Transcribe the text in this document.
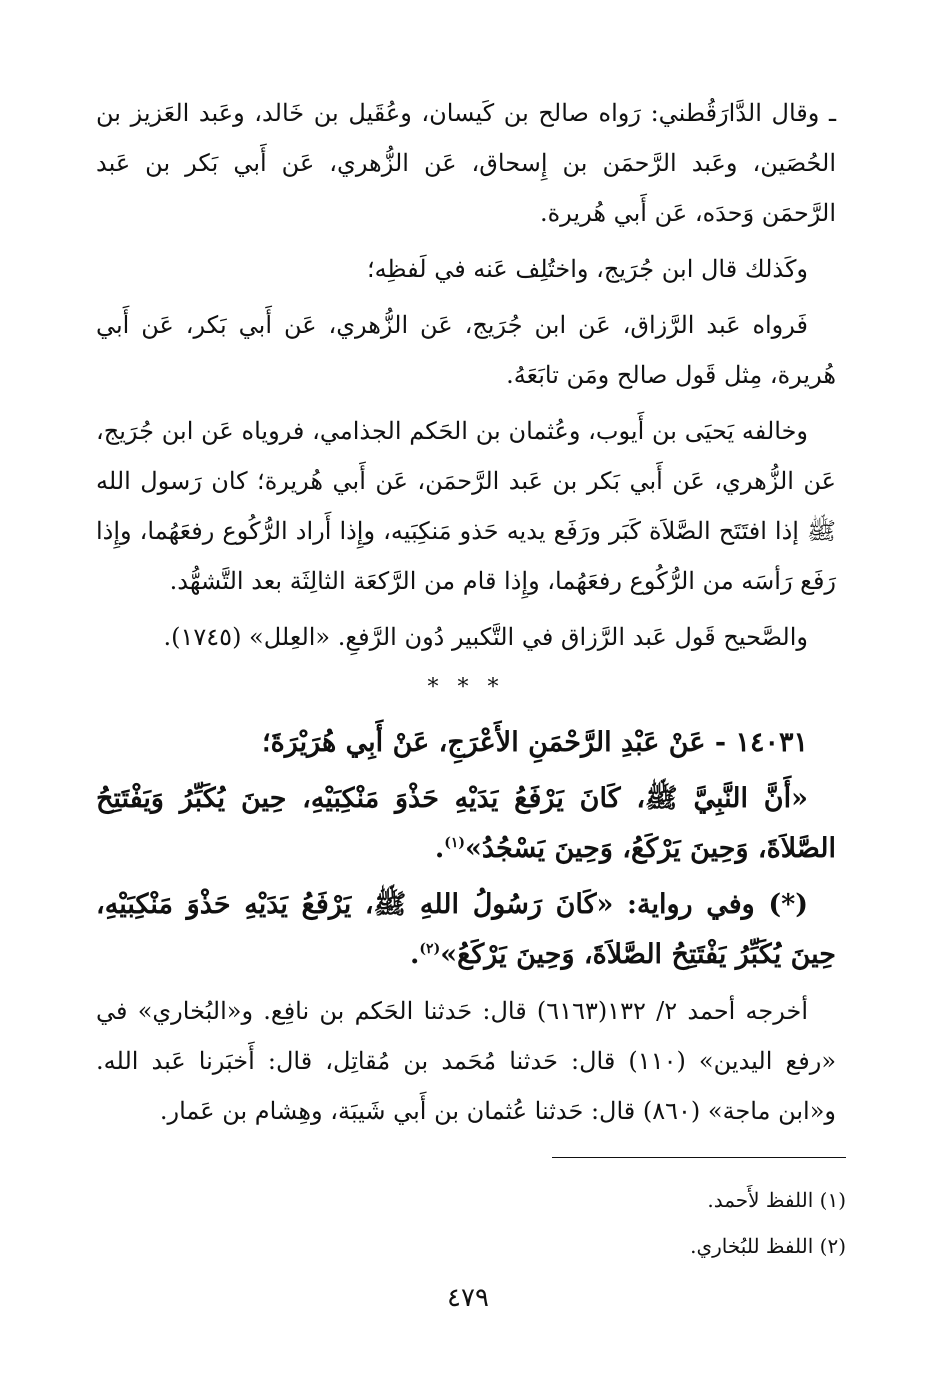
ـ وقال الدَّارَقُطني: رَواه صالح بن كَيسان، وعُقَيل بن خَالد، وعَبد العَزيز بن الحُصَين، وعَبد الرَّحمَن بن إِسحاق، عَن الزُّهري، عَن أَبي بَكر بن عَبد الرَّحمَن وَحدَه، عَن أَبي هُريرة.

وكَذلك قال ابن جُرَيج، واختُلِف عَنه في لَفظِه؛

فَرواه عَبد الرَّزاق، عَن ابن جُرَيج، عَن الزُّهري، عَن أَبي بَكر، عَن أَبي هُريرة، مِثل قَول صالح ومَن تابَعَهُ.

وخالفه يَحيَى بن أَيوب، وعُثمان بن الحَكم الجذامي، فروياه عَن ابن جُرَيج، عَن الزُّهري، عَن أَبي بَكر بن عَبد الرَّحمَن، عَن أَبي هُريرة؛ كان رَسول الله ﷺ إذا افتَتَح الصَّلاَة كَبَر ورَفَع يديه حَذو مَنكِبَيه، وإِذا أَراد الرُّكُوع رفعَهُما، وإِذا رَفَع رَأسَه من الرُّكُوع رفعَهُما، وإِذا قام من الرَّكعَة الثالِثَة بعد التَّشهُّد.

والصَّحيح قَول عَبد الرَّزاق في التَّكبير دُون الرَّفعِ. «العِلل» (١٧٤٥).

* * *

١٤٠٣١ - عَنْ عَبْدِ الرَّحْمَنِ الأَعْرَجِ، عَنْ أَبِي هُرَيْرَةَ؛

«أَنَّ النَّبِيَّ ﷺ، كَانَ يَرْفَعُ يَدَيْهِ حَذْوَ مَنْكِبَيْهِ، حِينَ يُكَبِّرُ وَيَفْتَتِحُ الصَّلاَةَ، وَحِينَ يَرْكَعُ، وَحِينَ يَسْجُدُ»$^{(١)}$.

(*) وفي رواية: «كَانَ رَسُولُ اللهِ ﷺ، يَرْفَعُ يَدَيْهِ حَذْوَ مَنْكِبَيْهِ، حِينَ يُكَبِّرُ يَفْتَتِحُ الصَّلاَةَ، وَحِينَ يَرْكَعُ»$^{(٢)}$.

أخرجه أحمد ٢/ ١٣٢(٦١٦٣) قال: حَدثنا الحَكم بن نافِع. و«البُخاري» في «رفع اليدين» (١١٠) قال: حَدثنا مُحَمد بن مُقاتِل، قال: أَخبَرنا عَبد الله. و«ابن ماجة» (٨٦٠) قال: حَدثنا عُثمان بن أَبي شَيبَة، وهِشام بن عَمار.

(١) اللفظ لأَحمد.
(٢) اللفظ للبُخاري.
٤٧٩
